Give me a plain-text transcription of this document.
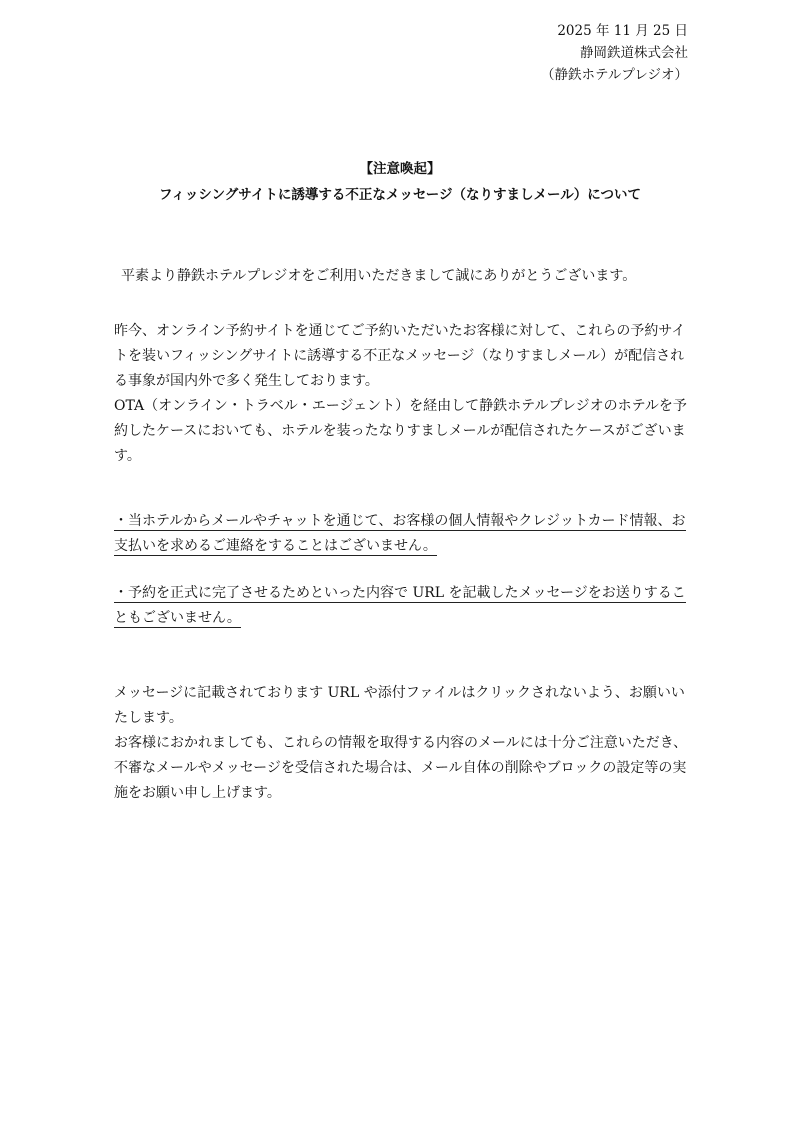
2025 年 11 月 25 日
静岡鉄道株式会社
（静鉄ホテルプレジオ）
【注意喚起】
フィッシングサイトに誘導する不正なメッセージ（なりすましメール）について
平素より静鉄ホテルプレジオをご利用いただきまして誠にありがとうございます。

昨今、オンライン予約サイトを通じてご予約いただいたお客様に対して、これらの予約サイトを装いフィッシングサイトに誘導する不正なメッセージ（なりすましメール）が配信される事象が国内外で多く発生しております。

OTA（オンライン・トラベル・エージェント）を経由して静鉄ホテルプレジオのホテルを予約したケースにおいても、ホテルを装ったなりすましメールが配信されたケースがございます。

・当ホテルからメールやチャットを通じて、お客様の個人情報やクレジットカード情報、お支払いを求めるご連絡をすることはございません。
・予約を正式に完了させるためといった内容で URL を記載したメッセージをお送りすることもございません。

メッセージに記載されております URL や添付ファイルはクリックされないよう、お願いいたします。

お客様におかれましても、これらの情報を取得する内容のメールには十分ご注意いただき、不審なメールやメッセージを受信された場合は、メール自体の削除やブロックの設定等の実施をお願い申し上げます。
